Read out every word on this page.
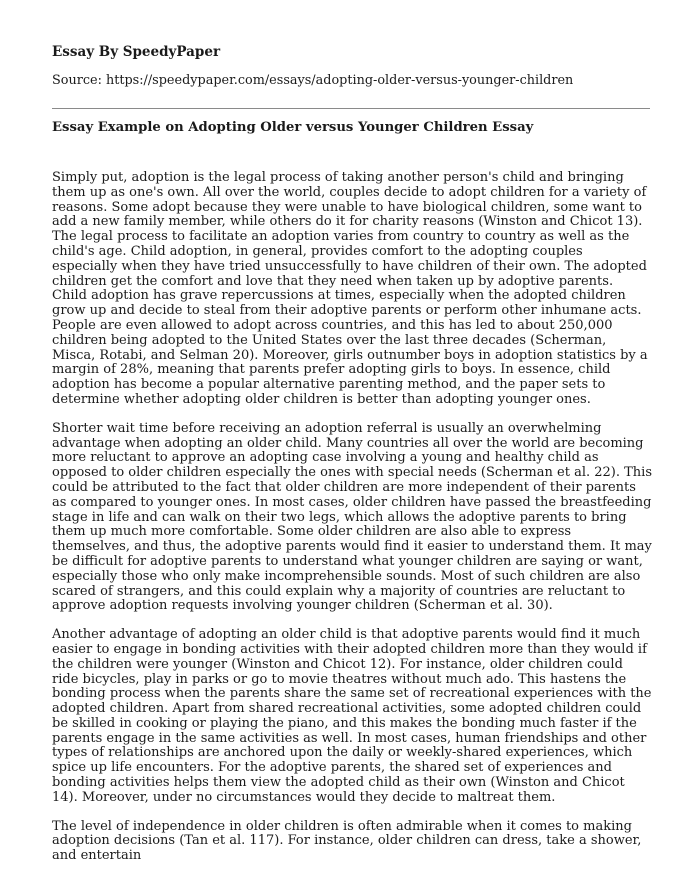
Essay By SpeedyPaper

Source: https://speedypaper.com/essays/adopting-older-versus-younger-children

Essay Example on Adopting Older versus Younger Children Essay

Simply put, adoption is the legal process of taking another person's child and bringing them up as one's own. All over the world, couples decide to adopt children for a variety of reasons. Some adopt because they were unable to have biological children, some want to add a new family member, while others do it for charity reasons (Winston and Chicot 13). The legal process to facilitate an adoption varies from country to country as well as the child's age. Child adoption, in general, provides comfort to the adopting couples especially when they have tried unsuccessfully to have children of their own. The adopted children get the comfort and love that they need when taken up by adoptive parents. Child adoption has grave repercussions at times, especially when the adopted children grow up and decide to steal from their adoptive parents or perform other inhumane acts. People are even allowed to adopt across countries, and this has led to about 250,000 children being adopted to the United States over the last three decades (Scherman, Misca, Rotabi, and Selman 20). Moreover, girls outnumber boys in adoption statistics by a margin of 28%, meaning that parents prefer adopting girls to boys. In essence, child adoption has become a popular alternative parenting method, and the paper sets to determine whether adopting older children is better than adopting younger ones.

Shorter wait time before receiving an adoption referral is usually an overwhelming advantage when adopting an older child. Many countries all over the world are becoming more reluctant to approve an adopting case involving a young and healthy child as opposed to older children especially the ones with special needs (Scherman et al. 22). This could be attributed to the fact that older children are more independent of their parents as compared to younger ones. In most cases, older children have passed the breastfeeding stage in life and can walk on their two legs, which allows the adoptive parents to bring them up much more comfortable. Some older children are also able to express themselves, and thus, the adoptive parents would find it easier to understand them. It may be difficult for adoptive parents to understand what younger children are saying or want, especially those who only make incomprehensible sounds. Most of such children are also scared of strangers, and this could explain why a majority of countries are reluctant to approve adoption requests involving younger children (Scherman et al. 30).

Another advantage of adopting an older child is that adoptive parents would find it much easier to engage in bonding activities with their adopted children more than they would if the children were younger (Winston and Chicot 12). For instance, older children could ride bicycles, play in parks or go to movie theatres without much ado. This hastens the bonding process when the parents share the same set of recreational experiences with the adopted children. Apart from shared recreational activities, some adopted children could be skilled in cooking or playing the piano, and this makes the bonding much faster if the parents engage in the same activities as well. In most cases, human friendships and other types of relationships are anchored upon the daily or weekly-shared experiences, which spice up life encounters. For the adoptive parents, the shared set of experiences and bonding activities helps them view the adopted child as their own (Winston and Chicot 14). Moreover, under no circumstances would they decide to maltreat them.

The level of independence in older children is often admirable when it comes to making adoption decisions (Tan et al. 117). For instance, older children can dress, take a shower, and entertain
